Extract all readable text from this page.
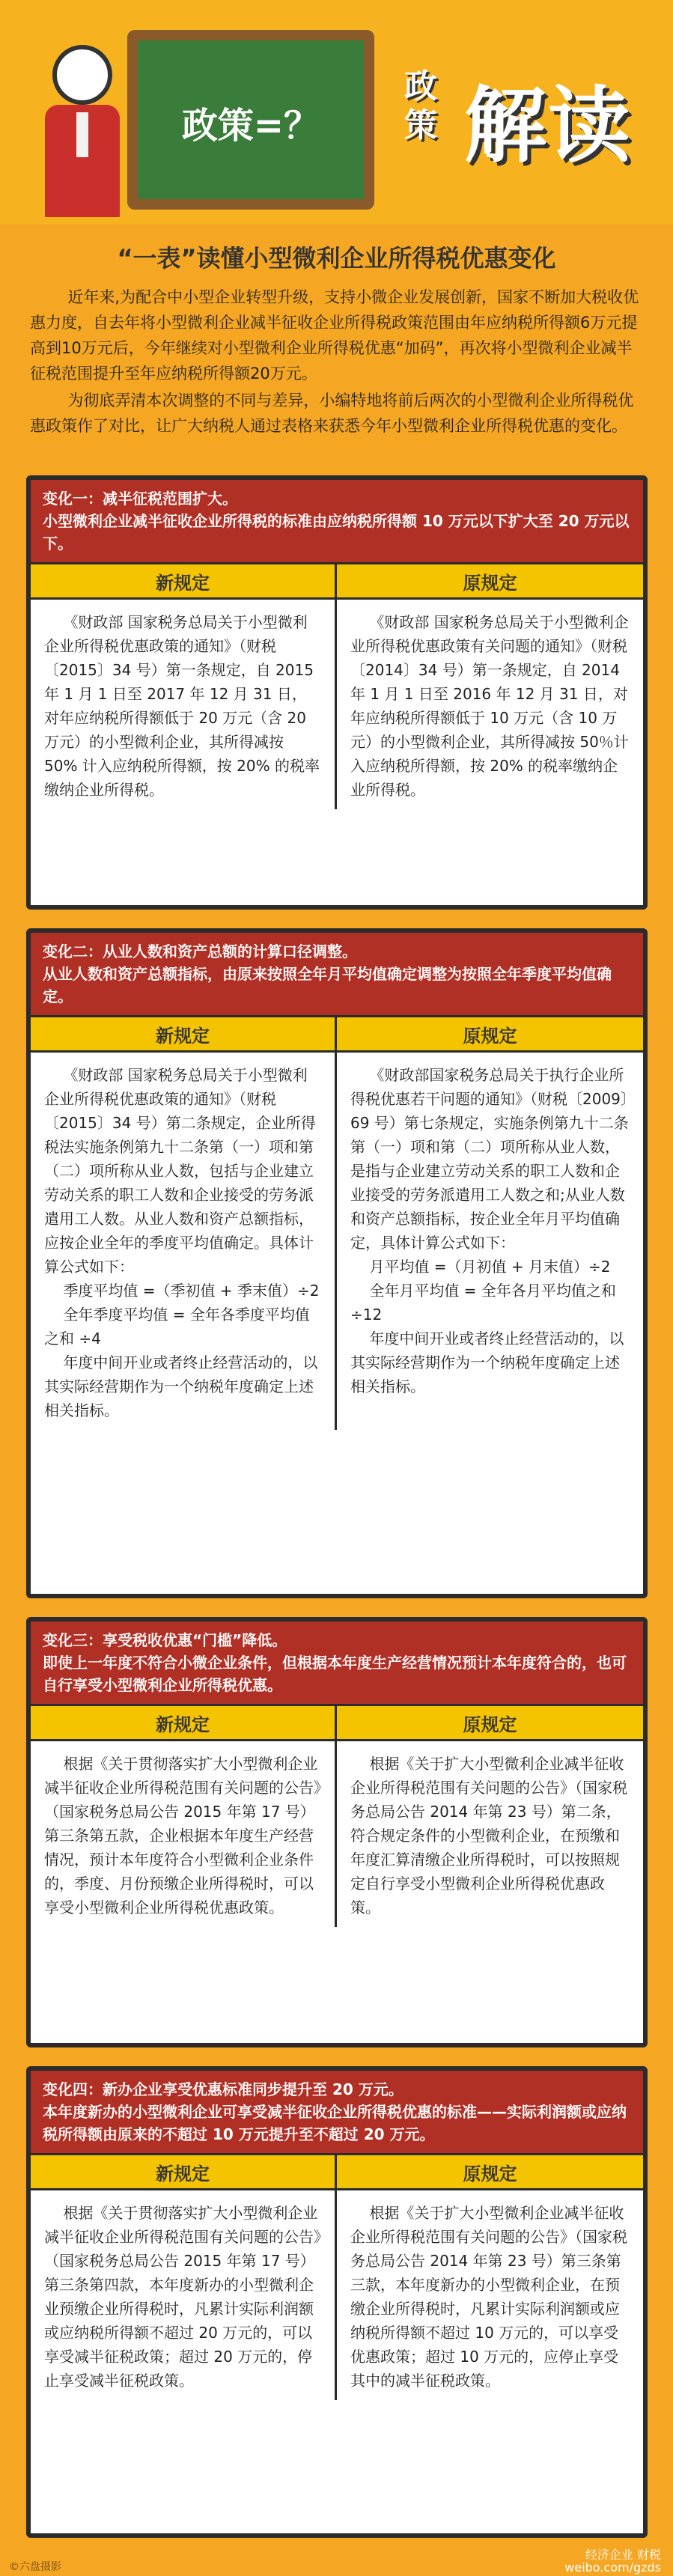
政策=？
政策 解读
“一表”读懂小型微利企业所得税优惠变化

近年来,为配合中小型企业转型升级，支持小微企业发展创新，国家不断加大税收优惠力度，自去年将小型微利企业减半征收企业所得税政策范围由年应纳税所得额6万元提高到10万元后，今年继续对小型微利企业所得税优惠“加码”，再次将小型微利企业减半征税范围提升至年应纳税所得额20万元。

为彻底弄清本次调整的不同与差异，小编特地将前后两次的小型微利企业所得税优惠政策作了对比，让广大纳税人通过表格来获悉今年小型微利企业所得税优惠的变化。

变化一：减半征税范围扩大。
小型微利企业减半征收企业所得税的标准由应纳税所得额 10 万元以下扩大至 20 万元以下。
新规定
《财政部 国家税务总局关于小型微利企业所得税优惠政策的通知》（财税〔2015〕34 号）第一条规定，自 2015 年 1 月 1 日至 2017 年 12 月 31 日，对年应纳税所得额低于 20 万元（含 20 万元）的小型微利企业，其所得减按 50% 计入应纳税所得额，按 20% 的税率缴纳企业所得税。
原规定
《财政部 国家税务总局关于小型微利企业所得税优惠政策有关问题的通知》（财税〔2014〕34 号）第一条规定，自 2014 年 1 月 1 日至 2016 年 12 月 31 日，对年应纳税所得额低于 10 万元（含 10 万元）的小型微利企业，其所得减按 50％计入应纳税所得额，按 20% 的税率缴纳企业所得税。
变化二：从业人数和资产总额的计算口径调整。
从业人数和资产总额指标，由原来按照全年月平均值确定调整为按照全年季度平均值确定。
新规定
《财政部 国家税务总局关于小型微利企业所得税优惠政策的通知》（财税〔2015〕34 号）第二条规定，企业所得税法实施条例第九十二条第（一）项和第（二）项所称从业人数，包括与企业建立劳动关系的职工人数和企业接受的劳务派遣用工人数。从业人数和资产总额指标，应按企业全年的季度平均值确定。具体计算公式如下：
季度平均值 =（季初值 + 季末值）÷2
全年季度平均值 = 全年各季度平均值之和 ÷4
年度中间开业或者终止经营活动的，以其实际经营期作为一个纳税年度确定上述相关指标。
原规定
《财政部国家税务总局关于执行企业所得税优惠若干问题的通知》（财税〔2009〕69 号）第七条规定，实施条例第九十二条第（一）项和第（二）项所称从业人数，是指与企业建立劳动关系的职工人数和企业接受的劳务派遣用工人数之和;从业人数和资产总额指标，按企业全年月平均值确定，具体计算公式如下：
月平均值 =（月初值 + 月末值）÷2
全年月平均值 = 全年各月平均值之和 ÷12
年度中间开业或者终止经营活动的，以其实际经营期作为一个纳税年度确定上述相关指标。
变化三：享受税收优惠“门槛”降低。
即使上一年度不符合小微企业条件，但根据本年度生产经营情况预计本年度符合的，也可自行享受小型微利企业所得税优惠。
新规定
根据《关于贯彻落实扩大小型微利企业减半征收企业所得税范围有关问题的公告》（国家税务总局公告 2015 年第 17 号）第三条第五款，企业根据本年度生产经营情况，预计本年度符合小型微利企业条件的，季度、月份预缴企业所得税时，可以享受小型微利企业所得税优惠政策。
原规定
根据《关于扩大小型微利企业减半征收企业所得税范围有关问题的公告》（国家税务总局公告 2014 年第 23 号）第二条，符合规定条件的小型微利企业，在预缴和年度汇算清缴企业所得税时，可以按照规定自行享受小型微利企业所得税优惠政策。
变化四：新办企业享受优惠标准同步提升至 20 万元。
本年度新办的小型微利企业可享受减半征收企业所得税优惠的标准——实际利润额或应纳税所得额由原来的不超过 10 万元提升至不超过 20 万元。
新规定
根据《关于贯彻落实扩大小型微利企业减半征收企业所得税范围有关问题的公告》（国家税务总局公告 2015 年第 17 号）第三条第四款，本年度新办的小型微利企业预缴企业所得税时，凡累计实际利润额或应纳税所得额不超过 20 万元的，可以享受减半征税政策；超过 20 万元的，停止享受减半征税政策。
原规定
根据《关于扩大小型微利企业减半征收企业所得税范围有关问题的公告》（国家税务总局公告 2014 年第 23 号）第三条第三款，本年度新办的小型微利企业，在预缴企业所得税时，凡累计实际利润额或应纳税所得额不超过 10 万元的，可以享受优惠政策；超过 10 万元的，应停止享受其中的减半征税政策。
©六盘摄影
经济企业 财税
weibo.com/gzds
